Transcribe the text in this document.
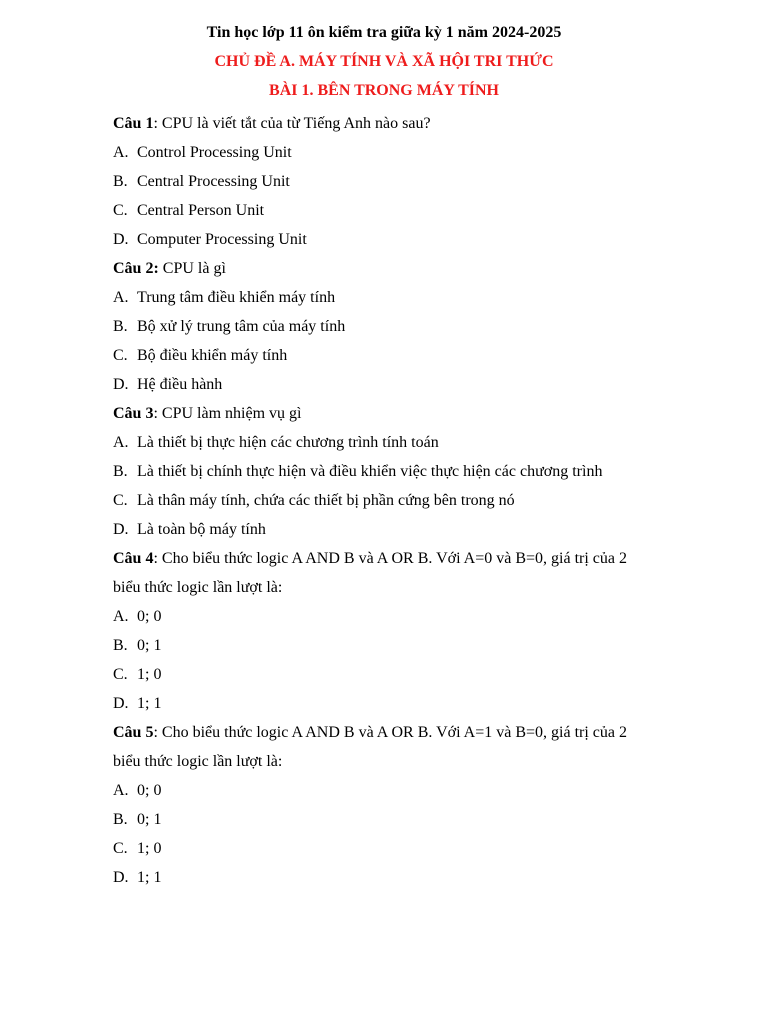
Tin học lớp 11 ôn kiểm tra giữa kỳ 1 năm 2024-2025
CHỦ ĐỀ A. MÁY TÍNH VÀ XÃ HỘI TRI THỨC
BÀI 1. BÊN TRONG MÁY TÍNH
Câu 1: CPU là viết tắt của từ Tiếng Anh nào sau?
A. Control Processing Unit
B. Central Processing Unit
C. Central Person Unit
D. Computer Processing Unit
Câu 2: CPU là gì
A. Trung tâm điều khiển máy tính
B. Bộ xử lý trung tâm của máy tính
C. Bộ điều khiển máy tính
D. Hệ điều hành
Câu 3: CPU làm nhiệm vụ gì
A. Là thiết bị thực hiện các chương trình tính toán
B. Là thiết bị chính thực hiện và điều khiển việc thực hiện các chương trình
C. Là thân máy tính, chứa các thiết bị phần cứng bên trong nó
D. Là toàn bộ máy tính
Câu 4: Cho biểu thức logic A AND B và A OR B. Với A=0 và B=0, giá trị của 2 biểu thức logic lần lượt là:
A. 0; 0
B. 0; 1
C. 1; 0
D. 1; 1
Câu 5: Cho biểu thức logic A AND B và A OR B. Với A=1 và B=0, giá trị của 2 biểu thức logic lần lượt là:
A. 0; 0
B. 0; 1
C. 1; 0
D. 1; 1
